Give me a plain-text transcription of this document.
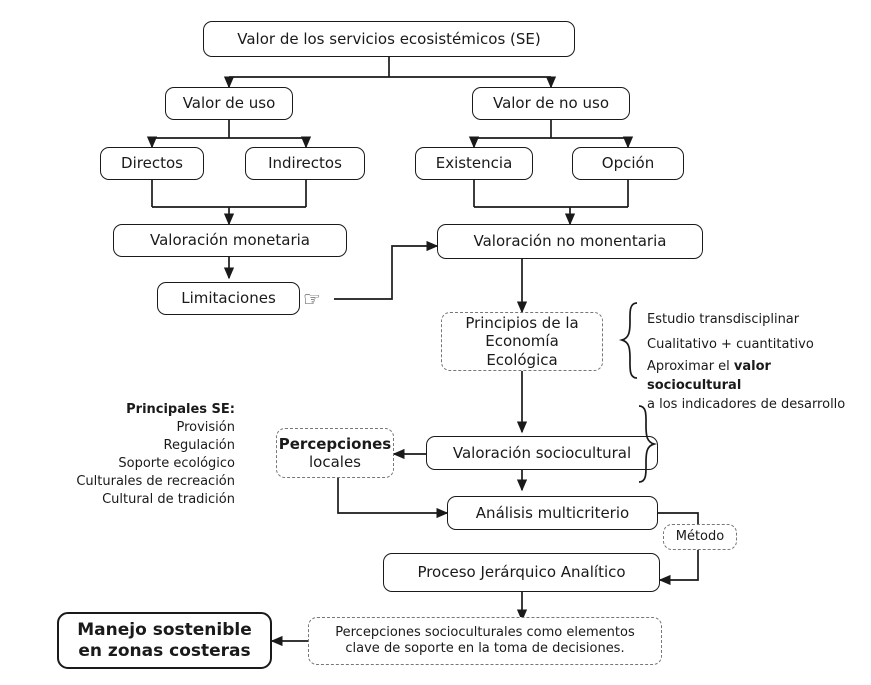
Valor de los servicios ecosistémicos (SE)
Valor de uso	Valor de no uso
Directos	Indirectos	Existencia	Opción
Valoración monetaria	Valoración no monentaria
Limitaciones ☞
Principios de la
Economía Ecológica
Valoración sociocultural
Percepciones
locales
Análisis multicriterio
Método
Proceso Jerárquico Analítico
Percepciones socioculturales como elementos
clave de soporte en la toma de decisiones.
Manejo sostenible
en zonas costeras
Estudio transdisciplinar
Cualitativo + cuantitativo
Aproximar el valor sociocultural
a los indicadores de desarrollo
Principales SE:
Provisión
Regulación
Soporte ecológico
Culturales de recreación
Cultural de tradición
